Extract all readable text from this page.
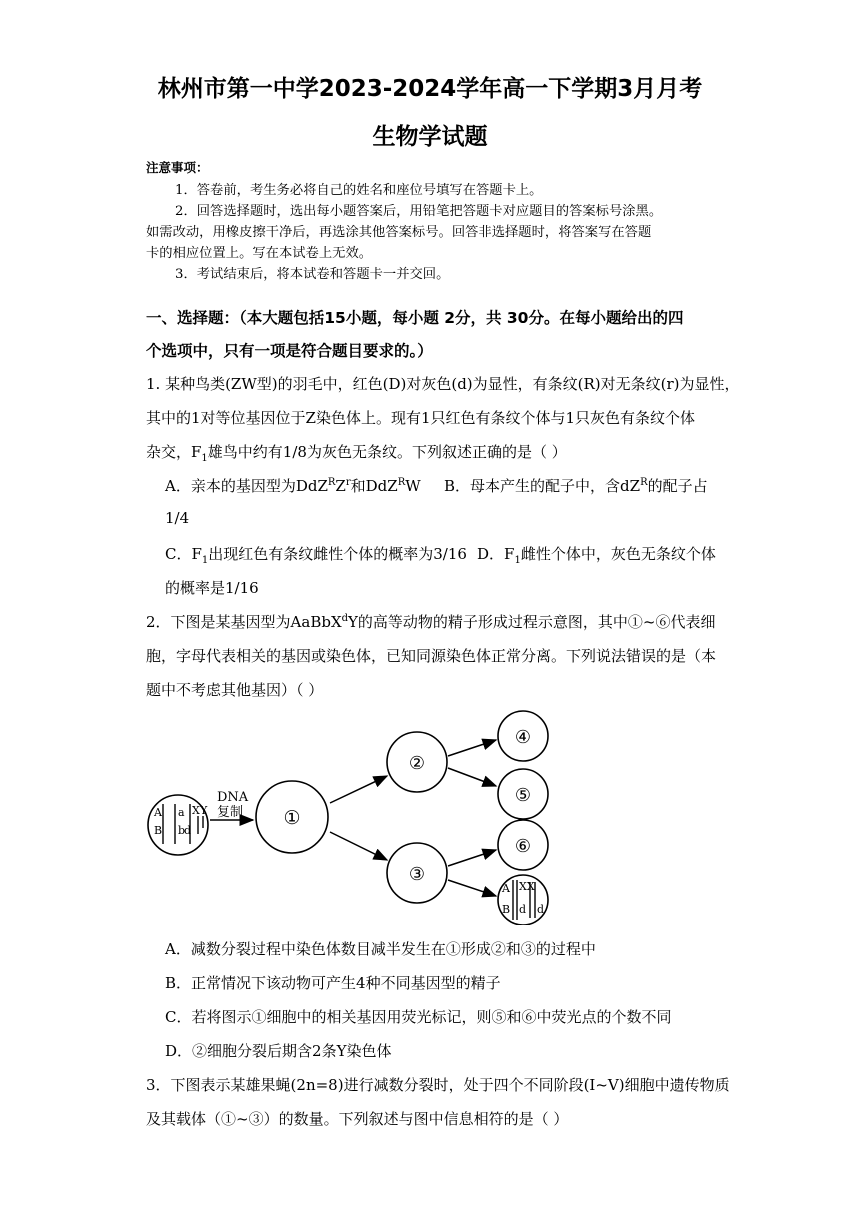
林州市第一中学2023-2024学年高一下学期3月月考
生物学试题
注意事项：
1．答卷前，考生务必将自己的姓名和座位号填写在答题卡上。
2．回答选择题时，选出每小题答案后，用铅笔把答题卡对应题目的答案标号涂黑。
如需改动，用橡皮擦干净后，再选涂其他答案标号。回答非选择题时，将答案写在答题
卡的相应位置上。写在本试卷上无效。
3．考试结束后，将本试卷和答题卡一并交回。
一、选择题：（本大题包括15小题，每小题 2分，共 30分。在每小题给出的四
个选项中，只有一项是符合题目要求的。）
1. 某种鸟类(ZW型)的羽毛中，红色(D)对灰色(d)为显性，有条纹(R)对无条纹(r)为显性，
其中的1对等位基因位于Z染色体上。现有1只红色有条纹个体与1只灰色有条纹个体
杂交，$F_1$雄鸟中约有1/8为灰色无条纹。下列叙述正确的是（ ）
A．亲本的基因型为$DdZ^RZ^r$和DdZ$^R$W B．母本产生的配子中，含$dZ^R$的配子占
1/4
C．$F_1$出现红色有条纹雌性个体的概率为3/16 D．$F_1$雌性个体中，灰色无条纹个体
的概率是1/16
2．下图是某基因型为AaBbX$^d$Y的高等动物的精子形成过程示意图，其中①~⑥代表细
胞，字母代表相关的基因或染色体，已知同源染色体正常分离。下列说法错误的是（本
题中不考虑其他基因）（ ）
DNA
复制 ①
②
③
④
⑤
⑥
A
B
a
b
d
X Y
A
B
XX
d d
A．减数分裂过程中染色体数目减半发生在①形成②和③的过程中
B．正常情况下该动物可产生4种不同基因型的精子
C．若将图示①细胞中的相关基因用荧光标记，则⑤和⑥中荧光点的个数不同
D．②细胞分裂后期含2条Y染色体
3．下图表示某雄果蝇(2n=8)进行减数分裂时，处于四个不同阶段(I~V)细胞中遗传物质
及其载体（①~③）的数量。下列叙述与图中信息相符的是（ ）
